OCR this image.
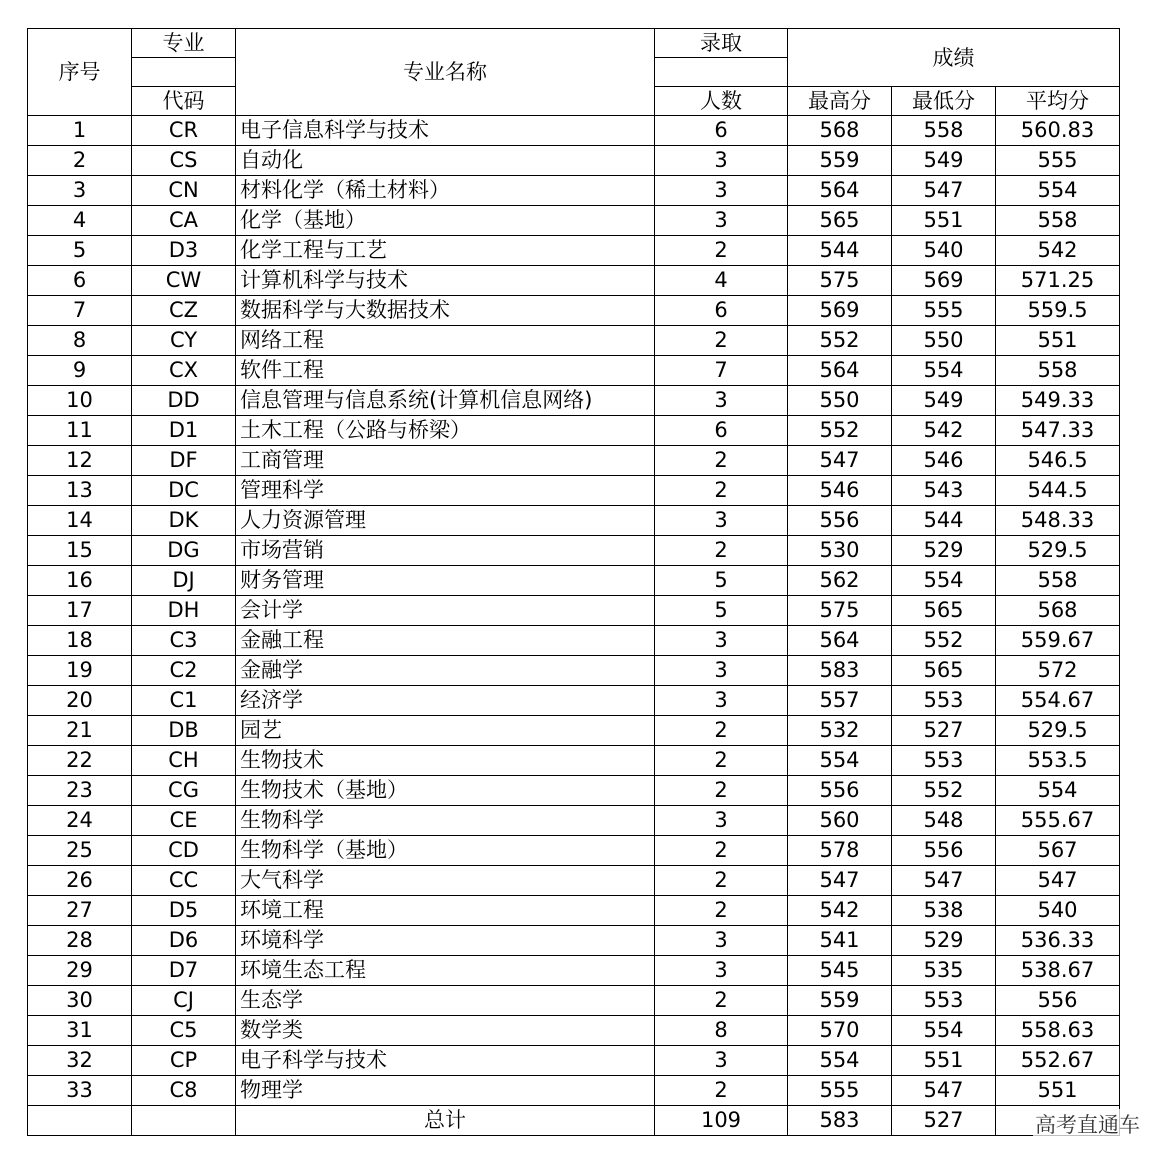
序号	专业	专业名称	录取	成绩		

	代码		人数	最高分	最低分	平均分
1	CR	电子信息科学与技术	6	568	558	560.83
2	CS	自动化	3	559	549	555
3	CN	材料化学（稀土材料）	3	564	547	554
4	CA	化学（基地）	3	565	551	558
5	D3	化学工程与工艺	2	544	540	542
6	CW	计算机科学与技术	4	575	569	571.25
7	CZ	数据科学与大数据技术	6	569	555	559.5
8	CY	网络工程	2	552	550	551
9	CX	软件工程	7	564	554	558
10	DD	信息管理与信息系统(计算机信息网络)	3	550	549	549.33
11	D1	土木工程（公路与桥梁）	6	552	542	547.33
12	DF	工商管理	2	547	546	546.5
13	DC	管理科学	2	546	543	544.5
14	DK	人力资源管理	3	556	544	548.33
15	DG	市场营销	2	530	529	529.5
16	DJ	财务管理	5	562	554	558
17	DH	会计学	5	575	565	568
18	C3	金融工程	3	564	552	559.67
19	C2	金融学	3	583	565	572
20	C1	经济学	3	557	553	554.67
21	DB	园艺	2	532	527	529.5
22	CH	生物技术	2	554	553	553.5
23	CG	生物技术（基地）	2	556	552	554
24	CE	生物科学	3	560	548	555.67
25	CD	生物科学（基地）	2	578	556	567
26	CC	大气科学	2	547	547	547
27	D5	环境工程	2	542	538	540
28	D6	环境科学	3	541	529	536.33
29	D7	环境生态工程	3	545	535	538.67
30	CJ	生态学	2	559	553	556
31	C5	数学类	8	570	554	558.63
32	CP	电子科学与技术	3	554	551	552.67
33	C8	物理学	2	555	547	551
		总计	109	583	527		高考直通车
